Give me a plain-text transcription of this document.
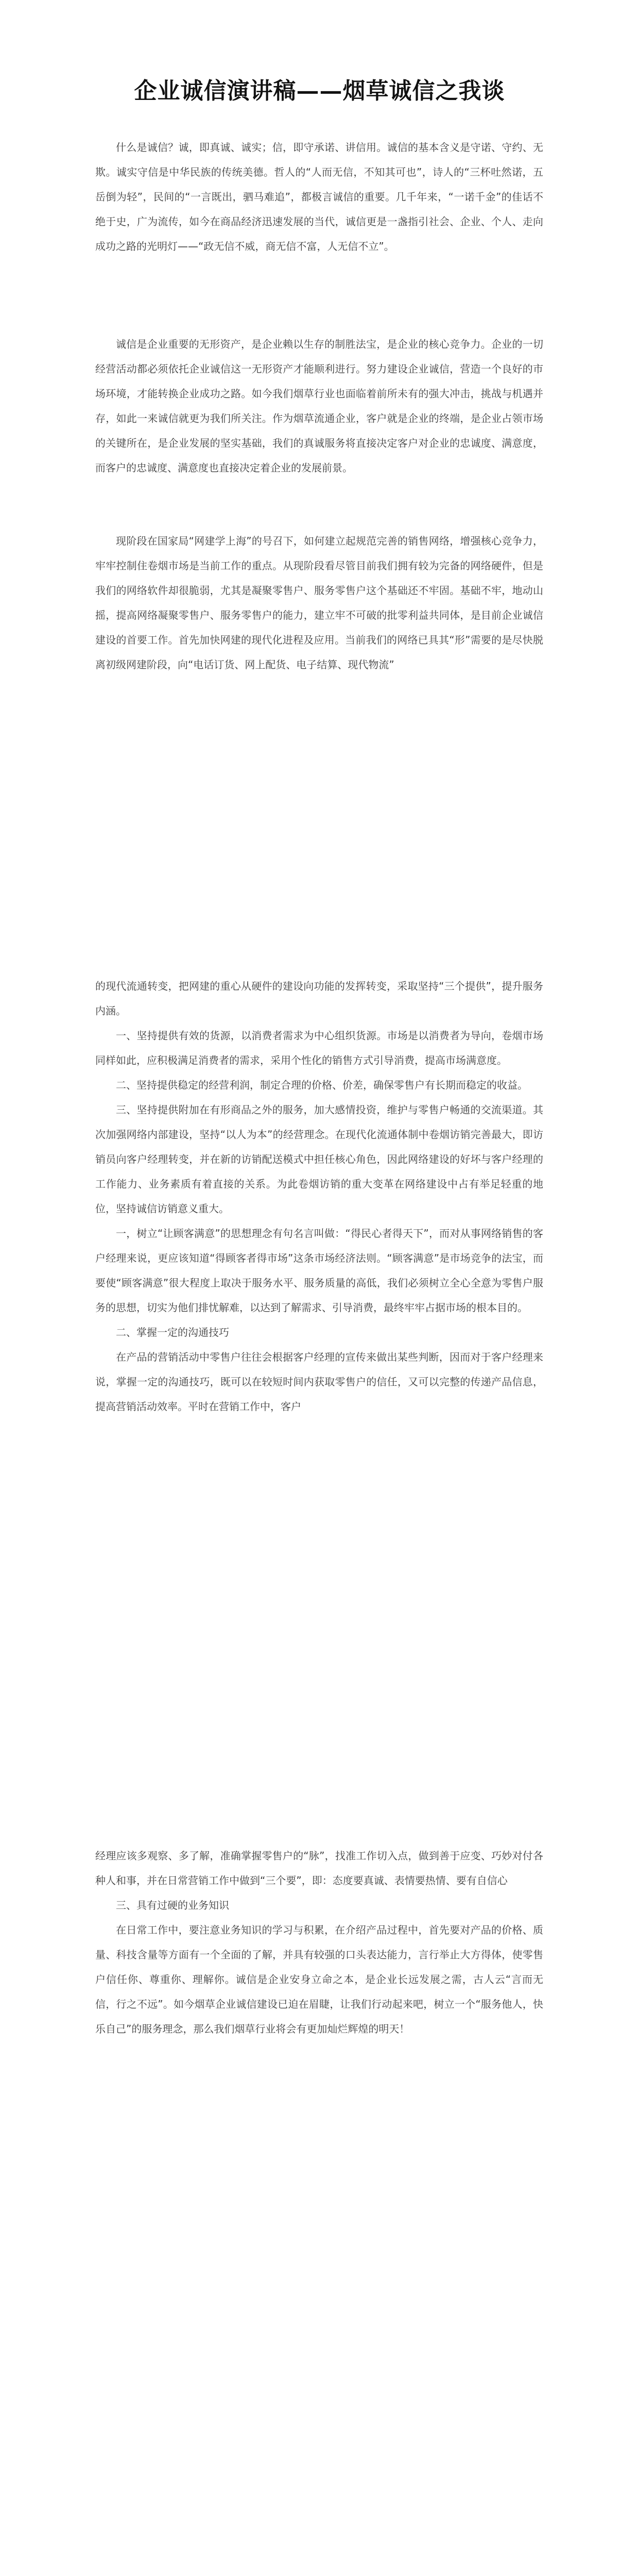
企业诚信演讲稿——烟草诚信之我谈

什么是诚信？诚，即真诚、诚实；信，即守承诺、讲信用。诚信的基本含义是守诺、守约、无欺。诚实守信是中华民族的传统美德。哲人的“人而无信，不知其可也”，诗人的“三杯吐然诺，五岳倒为轻”，民间的“一言既出，驷马难追”，都极言诚信的重要。几千年来，“一诺千金”的佳话不绝于史，广为流传，如今在商品经济迅速发展的当代，诚信更是一盏指引社会、企业、个人、走向成功之路的光明灯——“政无信不威，商无信不富，人无信不立”。

诚信是企业重要的无形资产，是企业赖以生存的制胜法宝，是企业的核心竞争力。企业的一切经营活动都必须依托企业诚信这一无形资产才能顺利进行。努力建设企业诚信，营造一个良好的市场环境，才能转换企业成功之路。如今我们烟草行业也面临着前所未有的强大冲击，挑战与机遇并存，如此一来诚信就更为我们所关注。作为烟草流通企业，客户就是企业的终端，是企业占领市场的关键所在，是企业发展的坚实基础，我们的真诚服务将直接决定客户对企业的忠诚度、满意度，而客户的忠诚度、满意度也直接决定着企业的发展前景。

现阶段在国家局“网建学上海”的号召下，如何建立起规范完善的销售网络，增强核心竞争力，牢牢控制住卷烟市场是当前工作的重点。从现阶段看尽管目前我们拥有较为完备的网络硬件，但是我们的网络软件却很脆弱，尤其是凝聚零售户、服务零售户这个基础还不牢固。基础不牢，地动山摇，提高网络凝聚零售户、服务零售户的能力，建立牢不可破的批零利益共同体，是目前企业诚信建设的首要工作。首先加快网建的现代化进程及应用。当前我们的网络已具其“形”需要的是尽快脱离初级网建阶段，向“电话订货、网上配货、电子结算、现代物流”

的现代流通转变，把网建的重心从硬件的建设向功能的发挥转变，采取坚持“三个提供”，提升服务内涵。

一、坚持提供有效的货源，以消费者需求为中心组织货源。市场是以消费者为导向，卷烟市场同样如此，应积极满足消费者的需求，采用个性化的销售方式引导消费，提高市场满意度。

二、坚持提供稳定的经营利润，制定合理的价格、价差，确保零售户有长期而稳定的收益。

三、坚持提供附加在有形商品之外的服务，加大感情投资，维护与零售户畅通的交流渠道。其次加强网络内部建设，坚持“以人为本”的经营理念。在现代化流通体制中卷烟访销完善最大，即访销员向客户经理转变，并在新的访销配送模式中担任核心角色，因此网络建设的好坏与客户经理的工作能力、业务素质有着直接的关系。为此卷烟访销的重大变革在网络建设中占有举足轻重的地位，坚持诚信访销意义重大。

一，树立“让顾客满意”的思想理念有句名言叫做：“得民心者得天下”，而对从事网络销售的客户经理来说，更应该知道“得顾客者得市场”这条市场经济法则。“顾客满意”是市场竞争的法宝，而要使“顾客满意”很大程度上取决于服务水平、服务质量的高低，我们必须树立全心全意为零售户服务的思想，切实为他们排忧解难，以达到了解需求、引导消费，最终牢牢占据市场的根本目的。

二、掌握一定的沟通技巧

在产品的营销活动中零售户往往会根据客户经理的宣传来做出某些判断，因而对于客户经理来说，掌握一定的沟通技巧，既可以在较短时间内获取零售户的信任，又可以完整的传递产品信息，提高营销活动效率。平时在营销工作中，客户

经理应该多观察、多了解，准确掌握零售户的“脉”，找准工作切入点，做到善于应变、巧妙对付各种人和事，并在日常营销工作中做到“三个要”，即：态度要真诚、表情要热情、要有自信心

三、具有过硬的业务知识

在日常工作中，要注意业务知识的学习与积累，在介绍产品过程中，首先要对产品的价格、质量、科技含量等方面有一个全面的了解，并具有较强的口头表达能力，言行举止大方得体，使零售户信任你、尊重你、理解你。诚信是企业安身立命之本，是企业长远发展之需，古人云“言而无信，行之不远”。如今烟草企业诚信建设已迫在眉睫，让我们行动起来吧，树立一个“服务他人，快乐自己”的服务理念，那么我们烟草行业将会有更加灿烂辉煌的明天！
